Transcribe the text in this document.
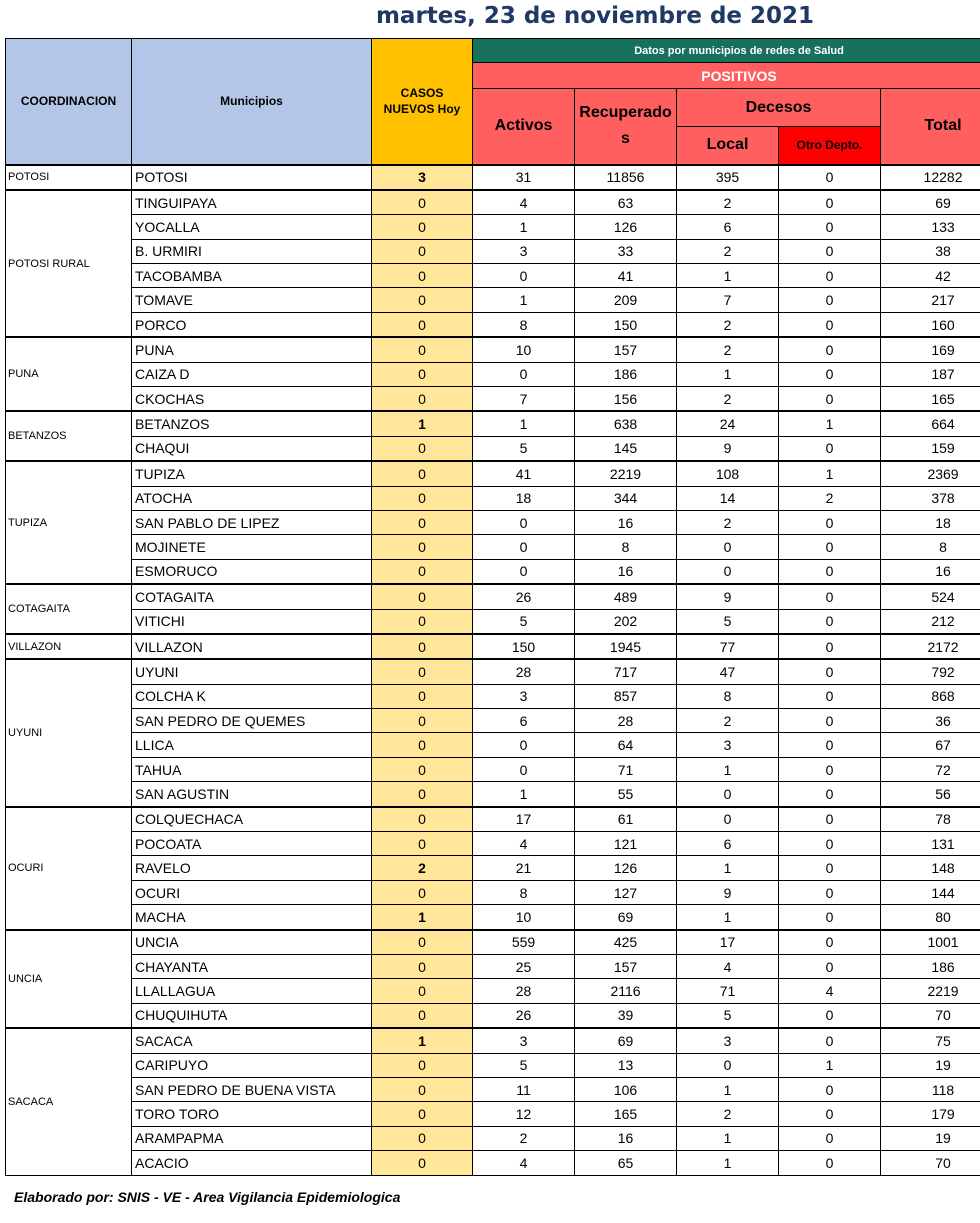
martes, 23 de noviembre de 2021
COORDINACION	Municipios	CASOS
NUEVOS Hoy	Datos por municipios de redes de Salud				
			POSITIVOS				
			Activos	Recuperado
s	Decesos		Total
					Local	Otro Depto.	
POTOSI	POTOSI	3	31	11856	395	0	12282
POTOSI RURAL	TINGUIPAYA	0	4	63	2	0	69
	YOCALLA	0	1	126	6	0	133
	B. URMIRI	0	3	33	2	0	38
	TACOBAMBA	0	0	41	1	0	42
	TOMAVE	0	1	209	7	0	217
	PORCO	0	8	150	2	0	160
PUNA	PUNA	0	10	157	2	0	169
	CAIZA D	0	0	186	1	0	187
	CKOCHAS	0	7	156	2	0	165
BETANZOS	BETANZOS	1	1	638	24	1	664
	CHAQUI	0	5	145	9	0	159
TUPIZA	TUPIZA	0	41	2219	108	1	2369
	ATOCHA	0	18	344	14	2	378
	SAN PABLO DE LIPEZ	0	0	16	2	0	18
	MOJINETE	0	0	8	0	0	8
	ESMORUCO	0	0	16	0	0	16
COTAGAITA	COTAGAITA	0	26	489	9	0	524
	VITICHI	0	5	202	5	0	212
VILLAZON	VILLAZON	0	150	1945	77	0	2172
UYUNI	UYUNI	0	28	717	47	0	792
	COLCHA K	0	3	857	8	0	868
	SAN PEDRO DE QUEMES	0	6	28	2	0	36
	LLICA	0	0	64	3	0	67
	TAHUA	0	0	71	1	0	72
	SAN AGUSTIN	0	1	55	0	0	56
OCURI	COLQUECHACA	0	17	61	0	0	78
	POCOATA	0	4	121	6	0	131
	RAVELO	2	21	126	1	0	148
	OCURI	0	8	127	9	0	144
	MACHA	1	10	69	1	0	80
UNCIA	UNCIA	0	559	425	17	0	1001
	CHAYANTA	0	25	157	4	0	186
	LLALLAGUA	0	28	2116	71	4	2219
	CHUQUIHUTA	0	26	39	5	0	70
SACACA	SACACA	1	3	69	3	0	75
	CARIPUYO	0	5	13	0	1	19
	SAN PEDRO DE BUENA VISTA	0	11	106	1	0	118
	TORO TORO	0	12	165	2	0	179
	ARAMPAPMA	0	2	16	1	0	19
	ACACIO	0	4	65	1	0	70
Elaborado por: SNIS - VE - Area Vigilancia Epidemiologica
